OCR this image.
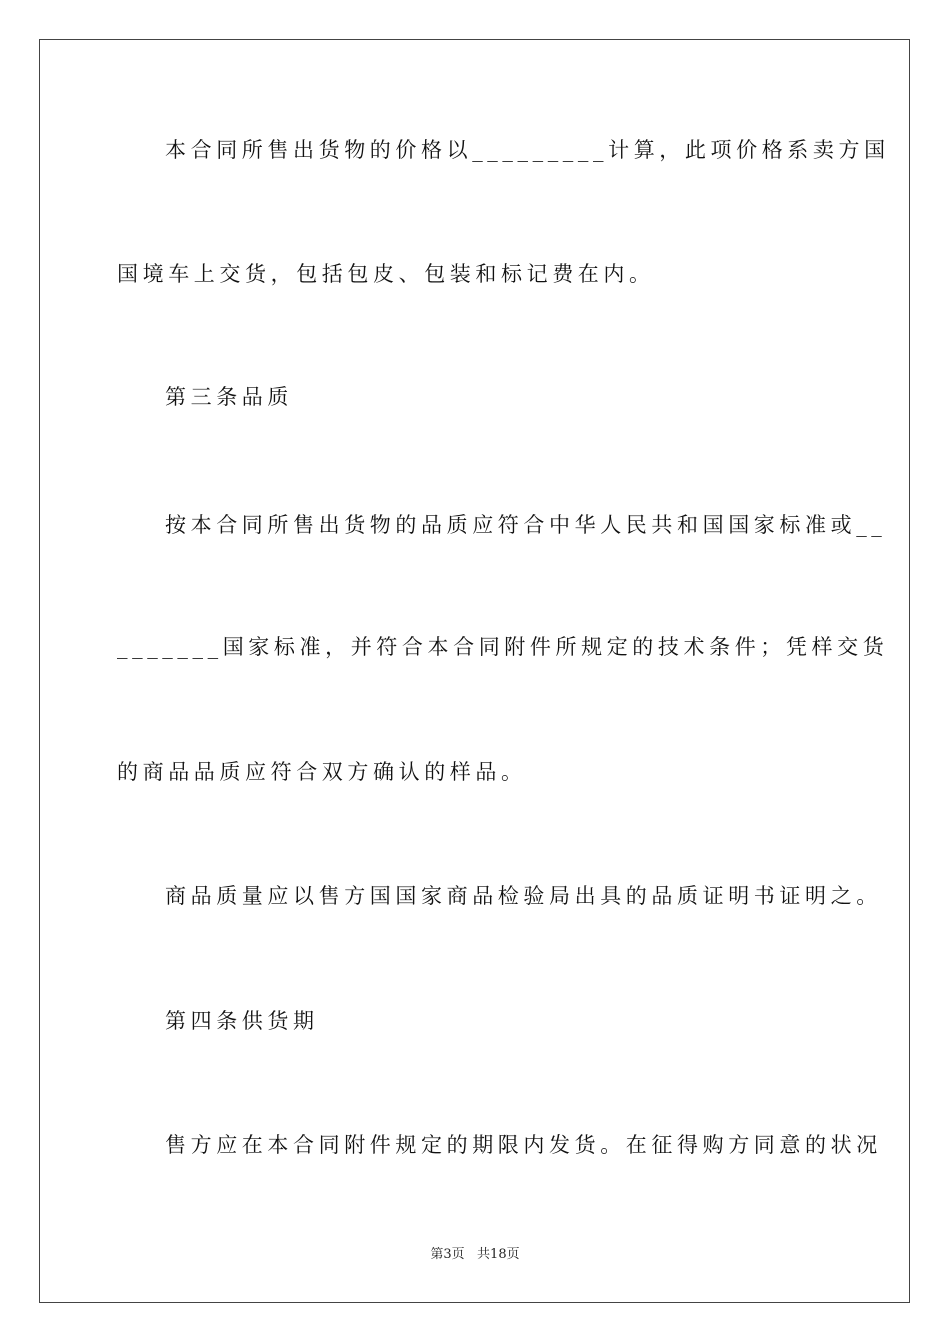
本合同所售出货物的价格以_________计算，此项价格系卖方国
国境车上交货，包括包皮、包装和标记费在内。
第三条品质
按本合同所售出货物的品质应符合中华人民共和国国家标准或__
_______国家标准，并符合本合同附件所规定的技术条件；凭样交货
的商品品质应符合双方确认的样品。
商品质量应以售方国国家商品检验局出具的品质证明书证明之。
第四条供货期
售方应在本合同附件规定的期限内发货。在征得购方同意的状况
第3页   共18页
